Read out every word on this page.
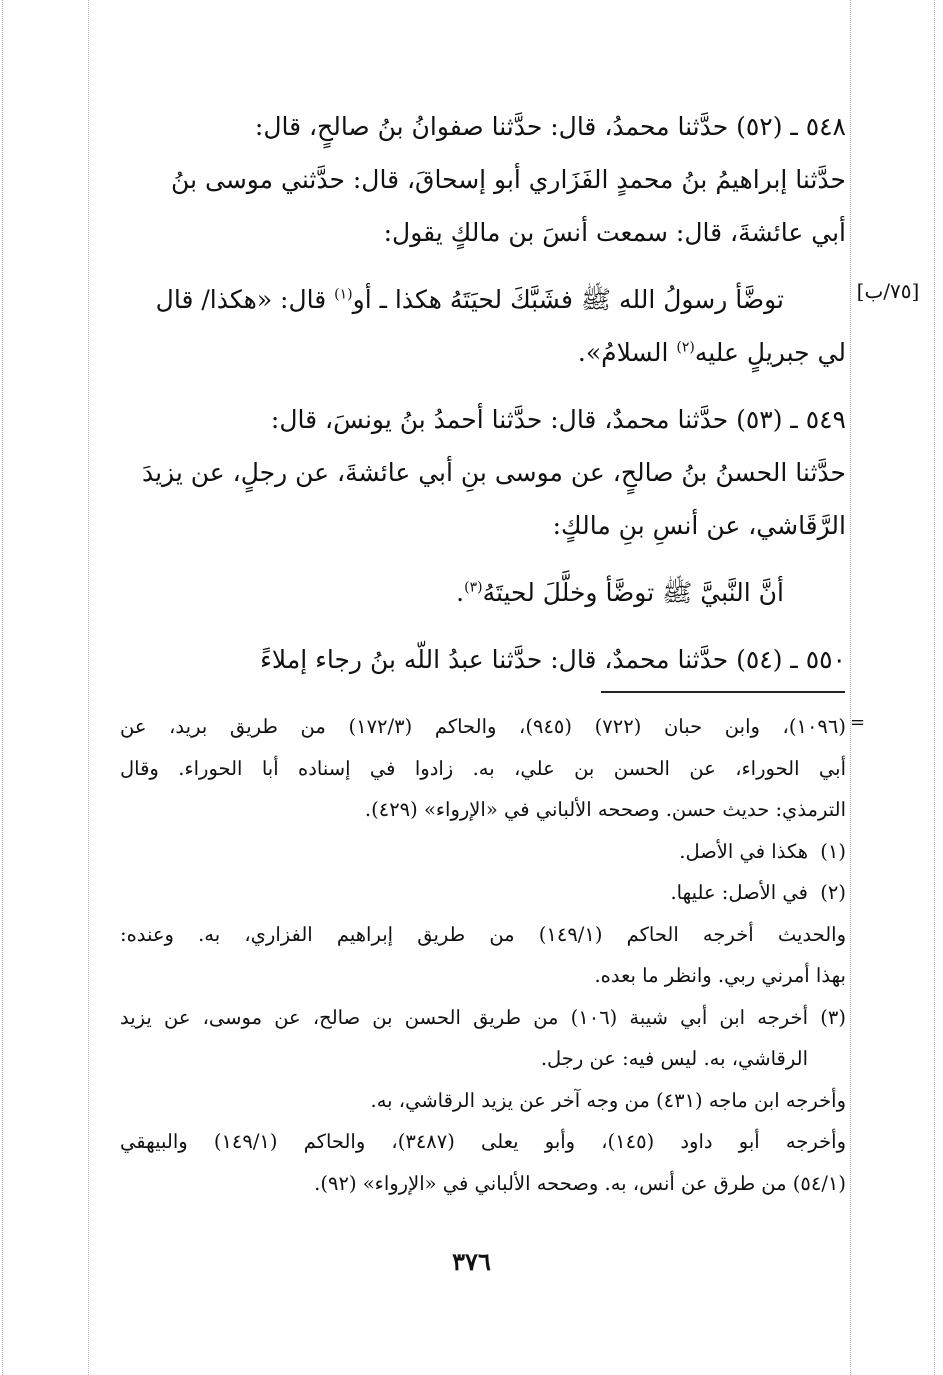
[٧٥/ب]

٥٤٨ ـ (٥٢) حدَّثنا محمدُ، قال: حدَّثنا صفوانُ بنُ صالحٍ، قال:

حدَّثنا إبراهيمُ بنُ محمدٍ الفَزَاري أبو إسحاقَ، قال: حدَّثني موسى بنُ

أبي عائشةَ، قال: سمعت أنسَ بن مالكٍ يقول:

توضَّأ رسولُ الله ﷺ فشَبَّكَ لحيَتَهُ هكذا ـ أو$^{(١)}$ قال: «هكذا/ قال

لي جبريلٍ عليه$^{(٢)}$ السلامُ».

٥٤٩ ـ (٥٣) حدَّثنا محمدٌ، قال: حدَّثنا أحمدُ بنُ يونسَ، قال:

حدَّثنا الحسنُ بنُ صالحٍ، عن موسى بنِ أبي عائشةَ، عن رجلٍ، عن يزيدَ

الرَّقَاشي، عن أنسِ بنِ مالكٍ:

أنَّ النَّبيَّ ﷺ توضَّأ وخلَّلَ لحيتَهُ$^{(٣)}$.

٥٥٠ ـ (٥٤) حدَّثنا محمدٌ، قال: حدَّثنا عبدُ اللّه بنُ رجاء إملاءً

=
(١٠٩٦)، وابن حبان (٧٢٢) (٩٤٥)، والحاكم (١٧٢/٣) من طريق بريد، عن
أبي الحوراء، عن الحسن بن علي، به. زادوا في إسناده أبا الحوراء. وقال
الترمذي: حديث حسن. وصححه الألباني في «الإرواء» (٤٢٩).
(١)هكذا في الأصل.
(٢)في الأصل: عليها.
والحديث أخرجه الحاكم (١٤٩/١) من طريق إبراهيم الفزاري، به. وعنده:
بهذا أمرني ربي. وانظر ما بعده.
(٣)أخرجه ابن أبي شيبة (١٠٦) من طريق الحسن بن صالح، عن موسى، عن يزيد
الرقاشي، به. ليس فيه: عن رجل.
وأخرجه ابن ماجه (٤٣١) من وجه آخر عن يزيد الرقاشي، به.
وأخرجه أبو داود (١٤٥)، وأبو يعلى (٣٤٨٧)، والحاكم (١٤٩/١) والبيهقي
(٥٤/١) من طرق عن أنس، به. وصححه الألباني في «الإرواء» (٩٢).
٣٧٦
